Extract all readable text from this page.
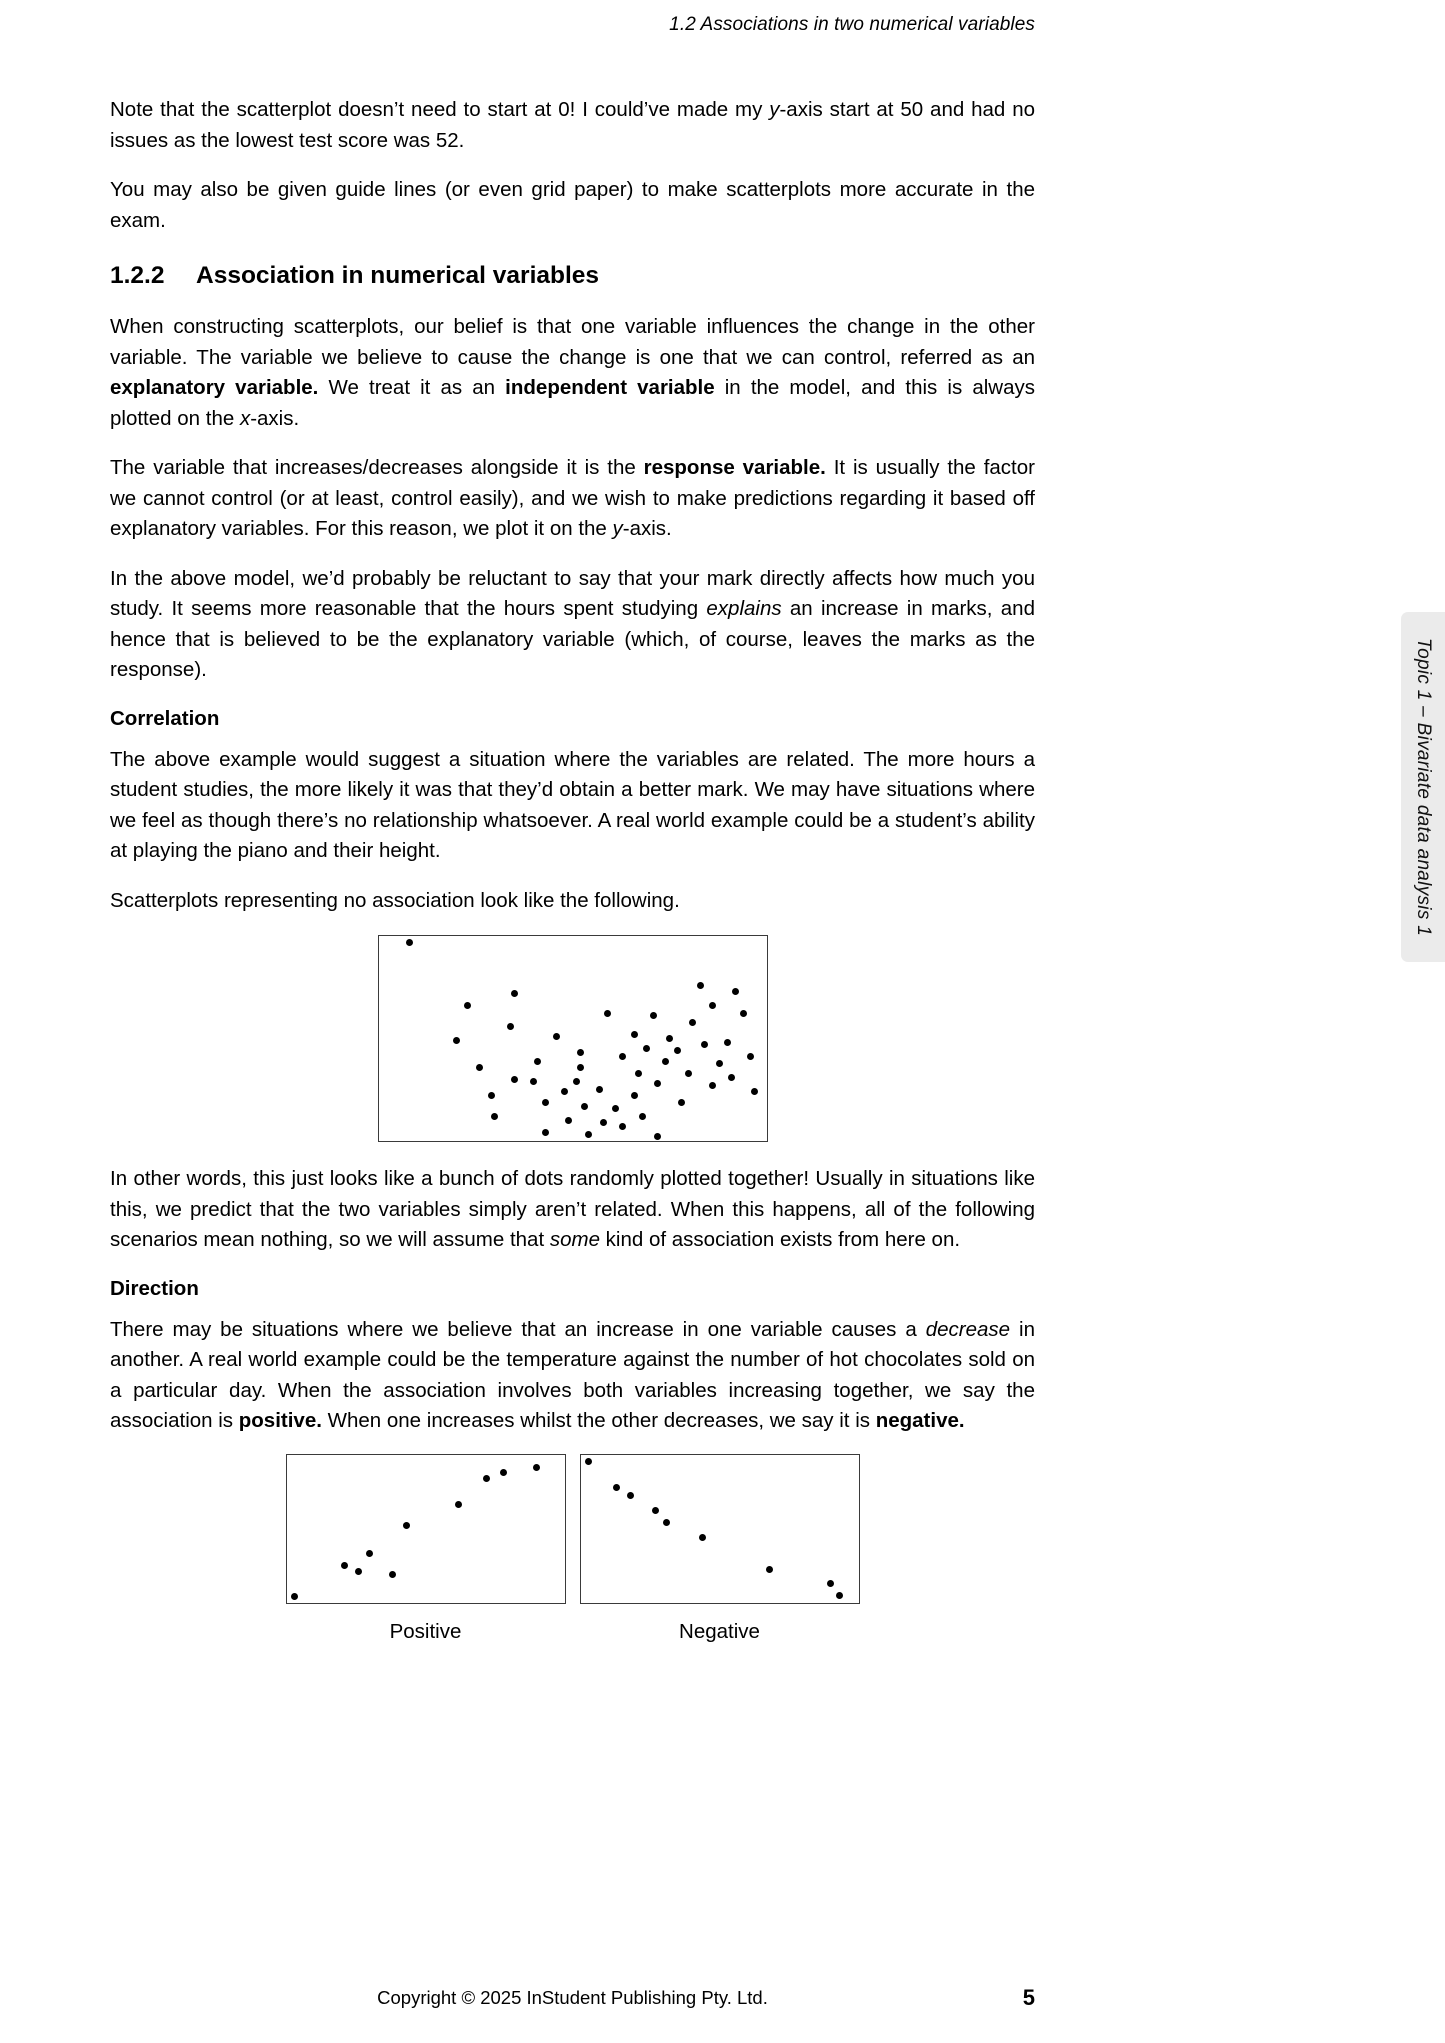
1.2 Associations in two numerical variables

Note that the scatterplot doesn’t need to start at 0! I could’ve made my y-axis start at 50 and had no issues as the lowest test score was 52.

You may also be given guide lines (or even grid paper) to make scatterplots more accurate in the exam.

1.2.2 Association in numerical variables

When constructing scatterplots, our belief is that one variable influences the change in the other variable. The variable we believe to cause the change is one that we can control, referred as an explanatory variable. We treat it as an independent variable in the model, and this is always plotted on the x-axis.

The variable that increases/decreases alongside it is the response variable. It is usually the factor we cannot control (or at least, control easily), and we wish to make predictions regarding it based off explanatory variables. For this reason, we plot it on the y-axis.

In the above model, we’d probably be reluctant to say that your mark directly affects how much you study. It seems more reasonable that the hours spent studying explains an increase in marks, and hence that is believed to be the explanatory variable (which, of course, leaves the marks as the response).

Correlation

The above example would suggest a situation where the variables are related. The more hours a student studies, the more likely it was that they’d obtain a better mark. We may have situations where we feel as though there’s no relationship whatsoever. A real world example could be a student’s ability at playing the piano and their height.

Scatterplots representing no association look like the following.

In other words, this just looks like a bunch of dots randomly plotted together! Usually in situations like this, we predict that the two variables simply aren’t related. When this happens, all of the following scenarios mean nothing, so we will assume that some kind of association exists from here on.

Direction

There may be situations where we believe that an increase in one variable causes a decrease in another. A real world example could be the temperature against the number of hot chocolates sold on a particular day. When the association involves both variables increasing together, we say the association is positive. When one increases whilst the other decreases, we say it is negative.

Positive	Negative
Topic 1 – Bivariate data analysis 1
Copyright © 2025 InStudent Publishing Pty. Ltd.	5
